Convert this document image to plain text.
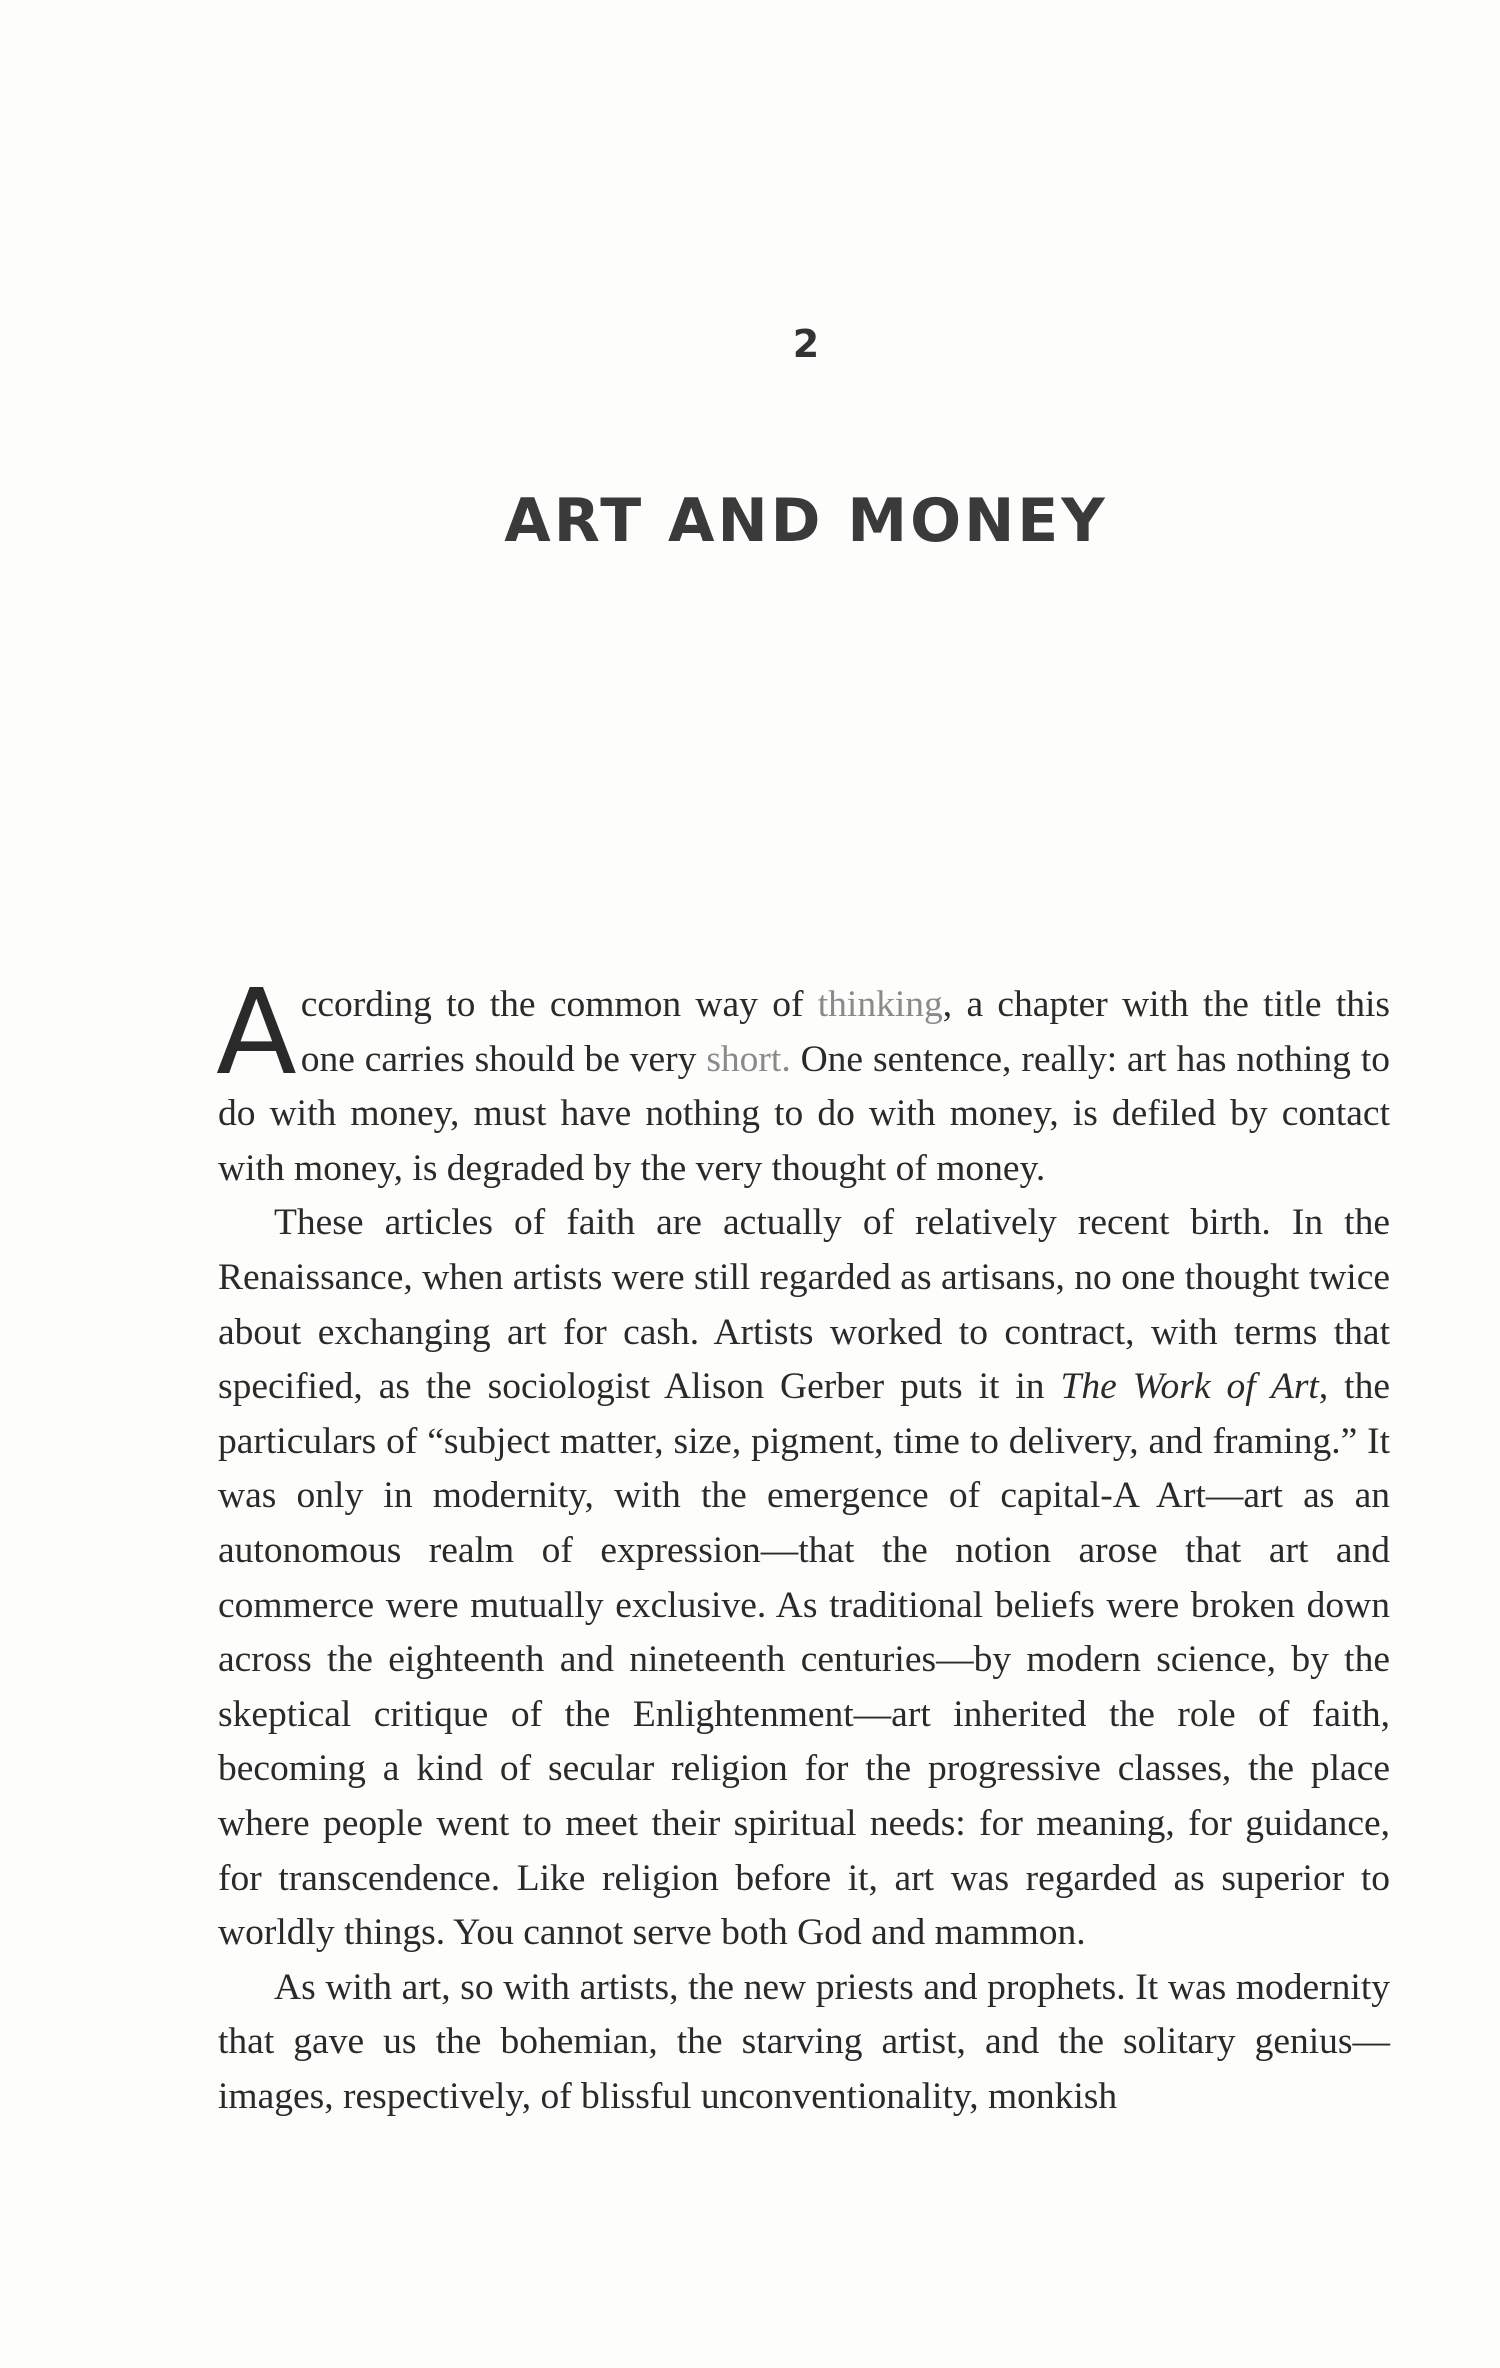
2
ART AND MONEY

According to the common way of thinking, a chapter with the title this one carries should be very short. One sentence, really: art has nothing to do with money, must have nothing to do with money, is defiled by contact with money, is degraded by the very thought of money.

These articles of faith are actually of relatively recent birth. In the Renaissance, when artists were still regarded as artisans, no one thought twice about exchanging art for cash. Artists worked to contract, with terms that specified, as the sociologist Alison Gerber puts it in The Work of Art, the particulars of “subject matter, size, pigment, time to delivery, and framing.” It was only in modernity, with the emergence of capital-A Art—art as an autonomous realm of expression—that the notion arose that art and commerce were mutually exclusive. As traditional beliefs were broken down across the eighteenth and nineteenth centuries—by modern science, by the skeptical critique of the Enlightenment—art inherited the role of faith, becoming a kind of secular religion for the progressive classes, the place where people went to meet their spiritual needs: for meaning, for guidance, for transcendence. Like religion before it, art was regarded as superior to worldly things. You cannot serve both God and mammon.

As with art, so with artists, the new priests and prophets. It was modernity that gave us the bohemian, the starving artist, and the solitary genius—images, respectively, of blissful unconventionality, monkish
